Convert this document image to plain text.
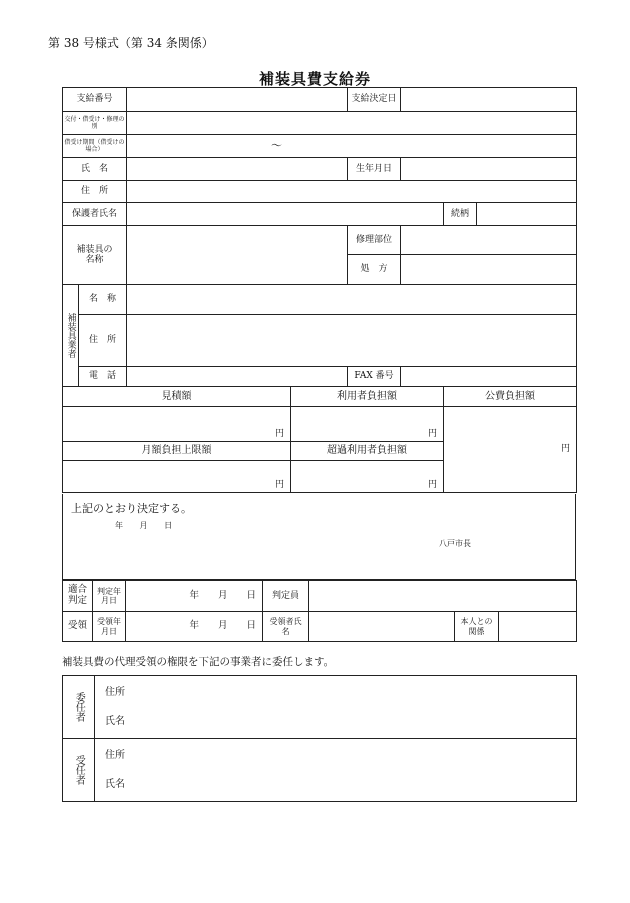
第 38 号様式（第 34 条関係）
補装具費支給券
支給番号				支給決定日			
交付・借受け・修理の別							
借受け期間（借受けの場合）		～					
氏　名				生年月日			
住　所							
保護者氏名						続柄	

補装具の名称				修理部位			
				処　方			

補装具業者	名　称						
	住　所						
	電　話			FAX 番号			
見積額			利用者負担額			公費負担額	
円			円			円	
月額負担上限額			超過利用者負担額				
円			円				
上記のとおり決定する。
年 月 日
八戸市長
適合判定	判定年月日	年　　月　　日	判定員			
受領	受領年月日	年　　月　　日	受領者氏名		本人との関係	

補装具費の代理受領の権限を下記の事業者に委任します。
委任者	住所
氏名

受任者	住所
氏名
